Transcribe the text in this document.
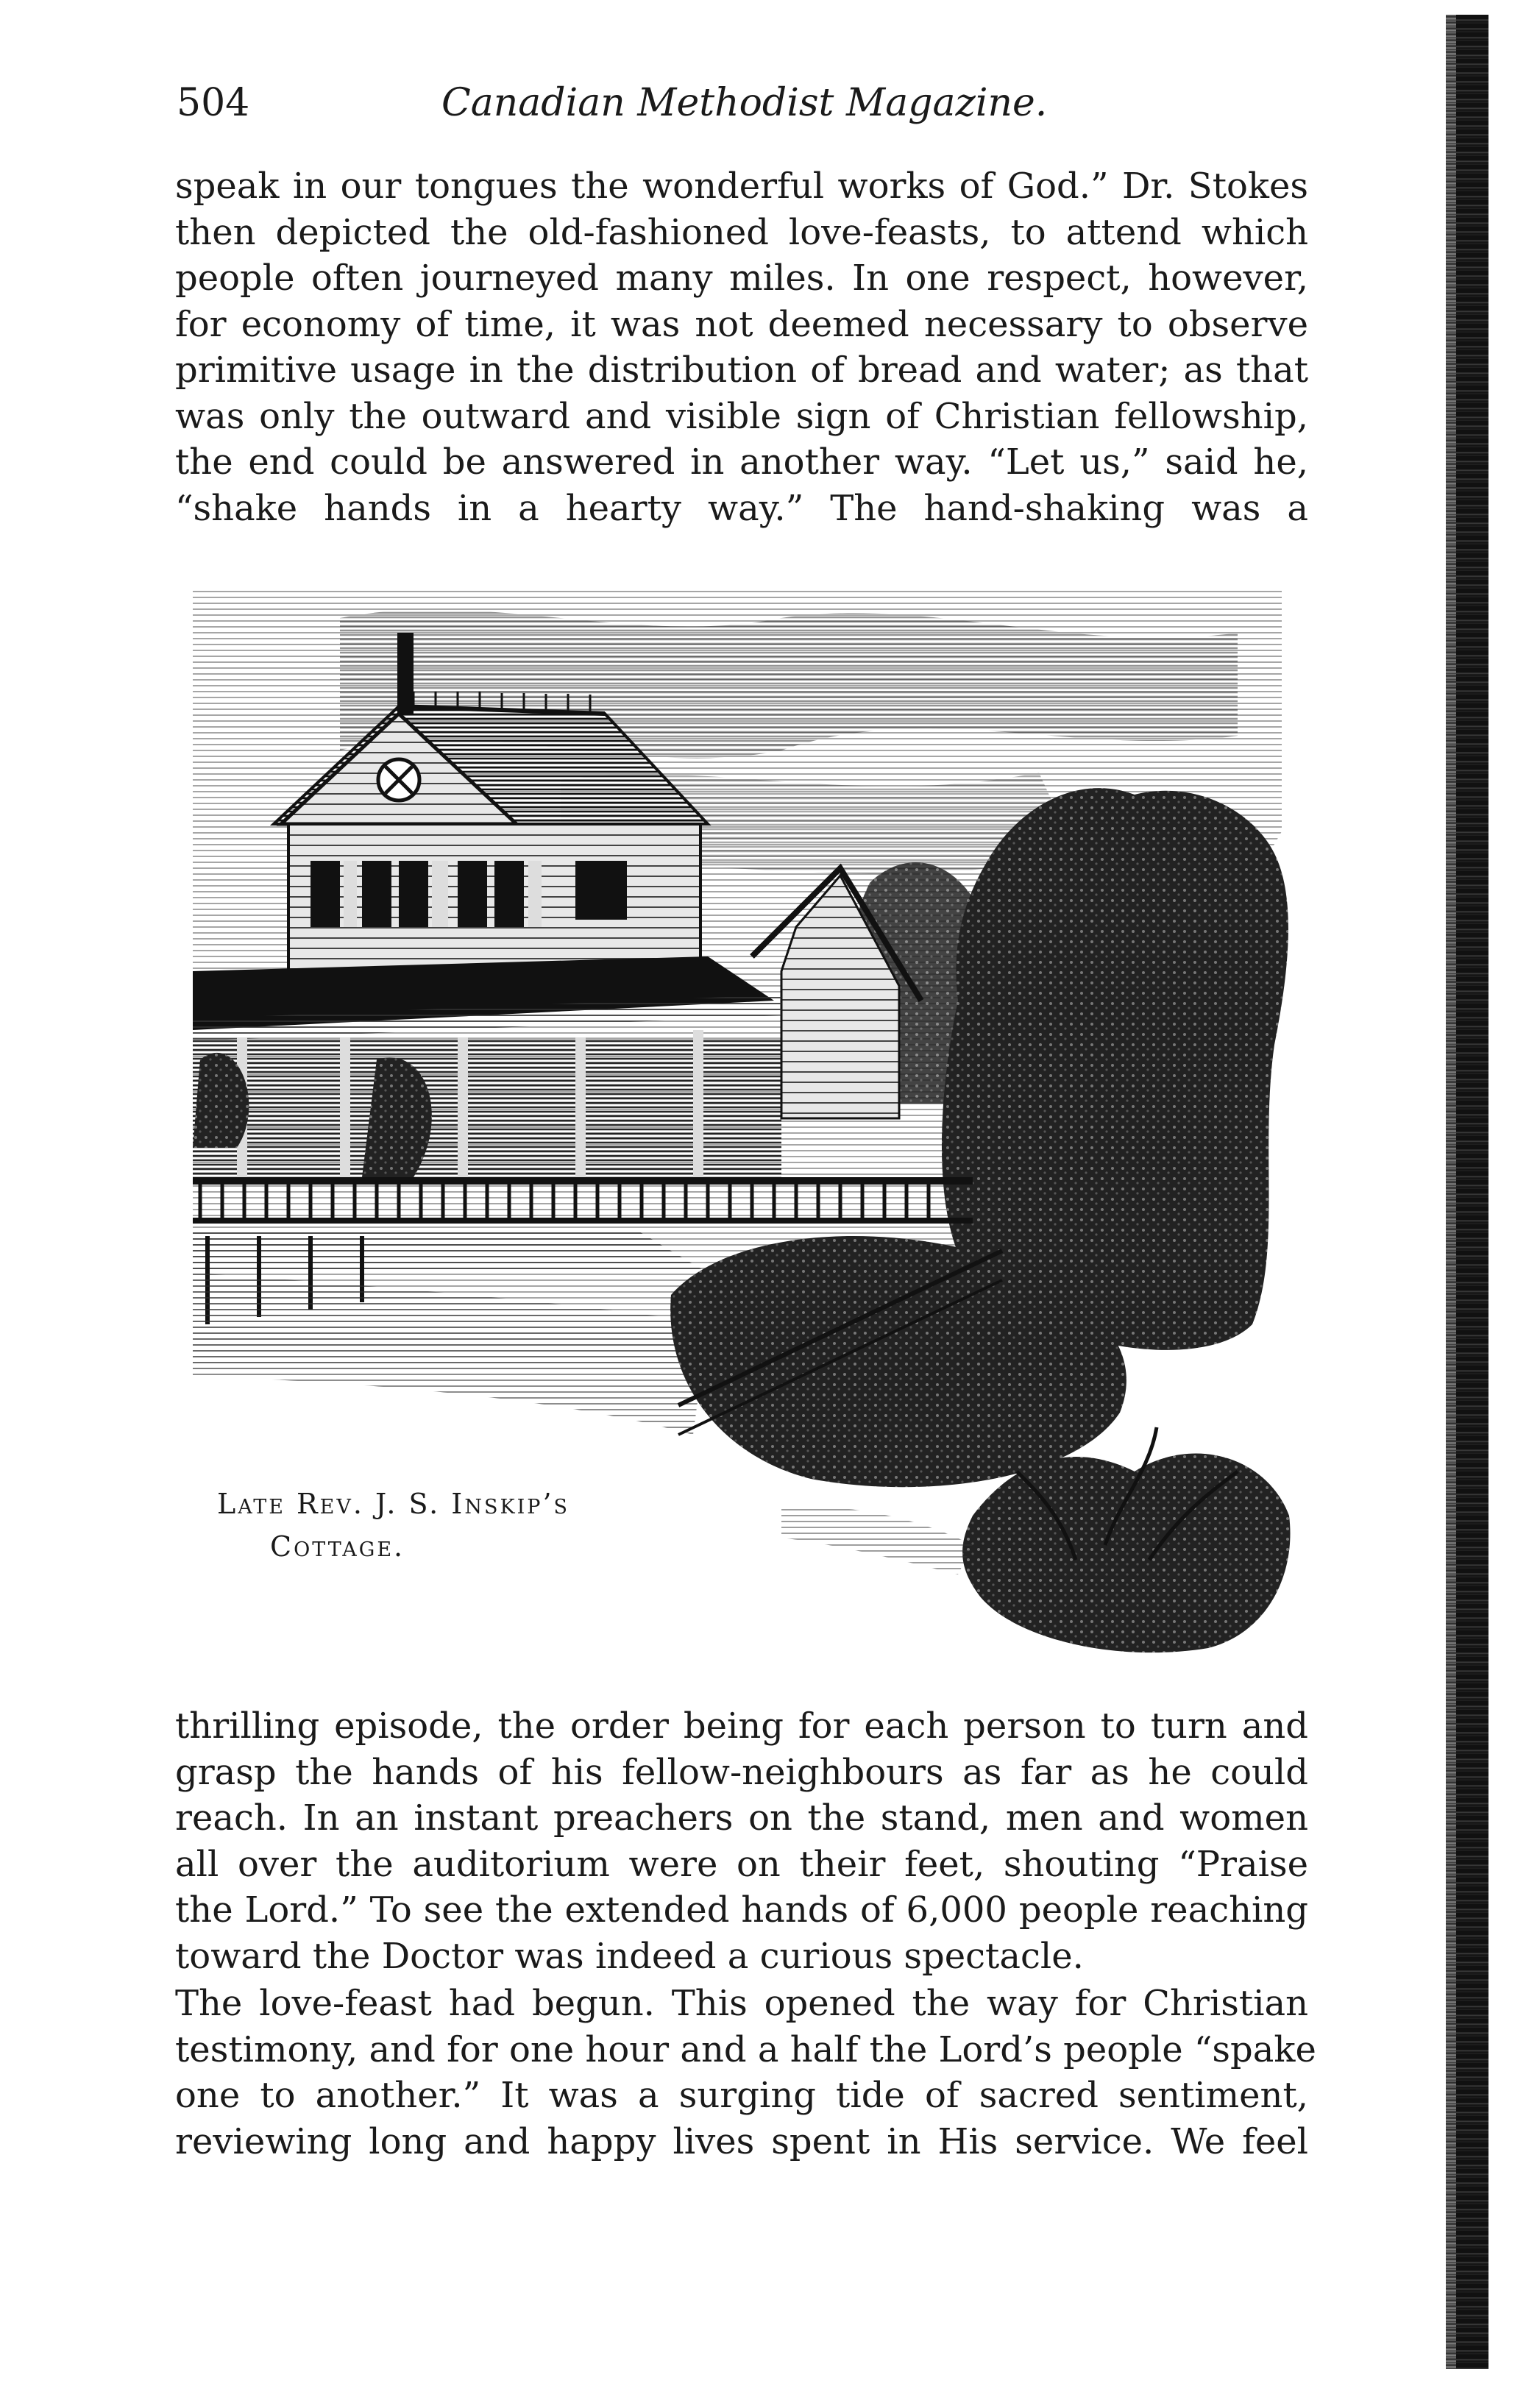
504	Canadian Methodist Magazine.
speak in our tongues the wonderful works of God.” Dr. Stokes
then depicted the old-fashioned love-feasts, to attend which
people often journeyed many miles. In one respect, however,
for economy of time, it was not deemed necessary to observe
primitive usage in the distribution of bread and water; as that
was only the outward and visible sign of Christian fellowship,
the end could be answered in another way. “Let us,” said he,
“shake hands in a hearty way.” The hand-shaking was a
Late Rev. J. S. Inskip’s
Cottage.
thrilling episode, the order being for each person to turn and
grasp the hands of his fellow-neighbours as far as he could
reach. In an instant preachers on the stand, men and women
all over the auditorium were on their feet, shouting “Praise
the Lord.” To see the extended hands of 6,000 people reaching
toward the Doctor was indeed a curious spectacle.
The love-feast had begun. This opened the way for Christian
testimony, and for one hour and a half the Lord’s people “spake
one to another.” It was a surging tide of sacred sentiment,
reviewing long and happy lives spent in His service. We feel
